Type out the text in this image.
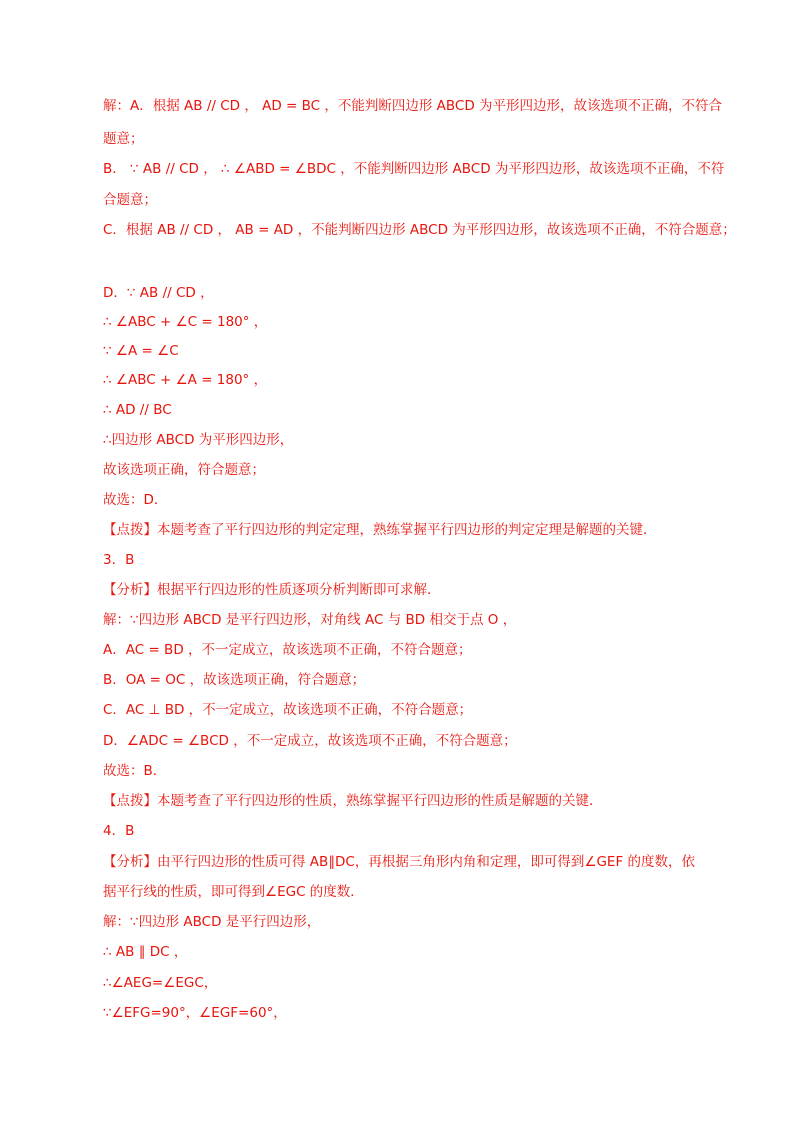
解：A．根据 AB // CD ， AD = BC ，不能判断四边形 ABCD 为平形四边形，故该选项不正确，不符合
题意；
B． ∵ AB // CD ， ∴ ∠ABD = ∠BDC ，不能判断四边形 ABCD 为平形四边形，故该选项不正确，不符
合题意；
C．根据 AB // CD ， AB = AD ，不能判断四边形 ABCD 为平形四边形，故该选项不正确，不符合题意；
D．∵ AB // CD ，
∴ ∠ABC + ∠C = 180° ，
∵ ∠A = ∠C
∴ ∠ABC + ∠A = 180° ，
∴ AD // BC
∴四边形 ABCD 为平形四边形，
故该选项正确，符合题意；
故选：D．
【点拨】本题考查了平行四边形的判定定理，熟练掌握平行四边形的判定定理是解题的关键．
3．B
【分析】根据平行四边形的性质逐项分析判断即可求解．
解：∵四边形 ABCD 是平行四边形，对角线 AC 与 BD 相交于点 O ，
A．AC = BD ，不一定成立，故该选项不正确，不符合题意；
B．OA = OC ，故该选项正确，符合题意；
C．AC ⊥ BD ，不一定成立，故该选项不正确，不符合题意；
D．∠ADC = ∠BCD ，不一定成立，故该选项不正确，不符合题意；
故选：B．
【点拨】本题考查了平行四边形的性质，熟练掌握平行四边形的性质是解题的关键．
4．B
【分析】由平行四边形的性质可得 AB∥DC，再根据三角形内角和定理，即可得到∠GEF 的度数，依
据平行线的性质，即可得到∠EGC 的度数．
解：∵四边形 ABCD 是平行四边形，
∴ AB ∥ DC ，
∴∠AEG=∠EGC，
∵∠EFG=90°，∠EGF=60°，
